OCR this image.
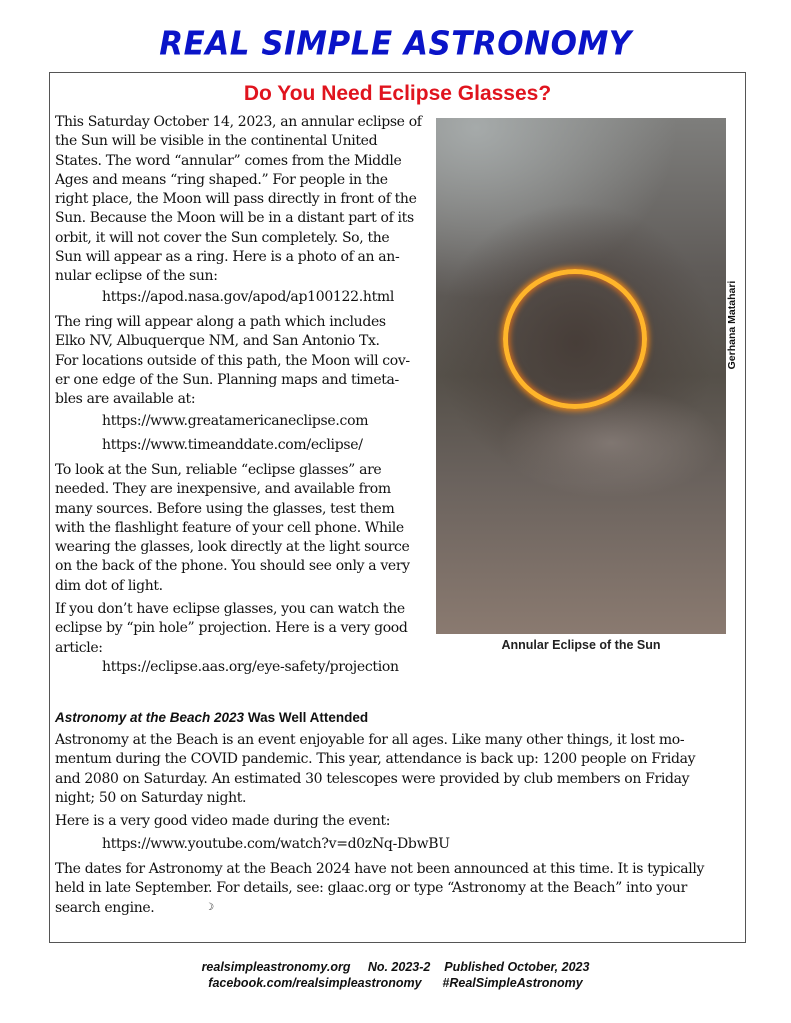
REAL SIMPLE ASTRONOMY
Do You Need Eclipse Glasses?
This Saturday October 14, 2023, an annular eclipse of
the Sun will be visible in the continental United
States. The word “annular” comes from the Middle
Ages and means “ring shaped.” For people in the
right place, the Moon will pass directly in front of the
Sun. Because the Moon will be in a distant part of its
orbit, it will not cover the Sun completely. So, the
Sun will appear as a ring. Here is a photo of an an-
nular eclipse of the sun:
https://apod.nasa.gov/apod/ap100122.html
The ring will appear along a path which includes
Elko NV, Albuquerque NM, and San Antonio Tx.
For locations outside of this path, the Moon will cov-
er one edge of the Sun. Planning maps and timeta-
bles are available at:
https://www.greatamericaneclipse.com
https://www.timeanddate.com/eclipse/
To look at the Sun, reliable “eclipse glasses” are
needed. They are inexpensive, and available from
many sources. Before using the glasses, test them
with the flashlight feature of your cell phone. While
wearing the glasses, look directly at the light source
on the back of the phone. You should see only a very
dim dot of light.
If you don’t have eclipse glasses, you can watch the
eclipse by “pin hole” projection. Here is a very good
article:
https://eclipse.aas.org/eye-safety/projection
Gerhana Matahari
Annular Eclipse of the Sun
Astronomy at the Beach 2023 Was Well Attended
Astronomy at the Beach is an event enjoyable for all ages. Like many other things, it lost mo-
mentum during the COVID pandemic. This year, attendance is back up: 1200 people on Friday
and 2080 on Saturday. An estimated 30 telescopes were provided by club members on Friday
night; 50 on Saturday night.
Here is a very good video made during the event:
https://www.youtube.com/watch?v=d0zNq-DbwBU
The dates for Astronomy at the Beach 2024 have not been announced at this time. It is typically
held in late September. For details, see: glaac.org or type “Astronomy at the Beach” into your
search engine.	☽
realsimpleastronomy.org     No. 2023-2    Published October, 2023
facebook.com/realsimpleastronomy      #RealSimpleAstronomy
